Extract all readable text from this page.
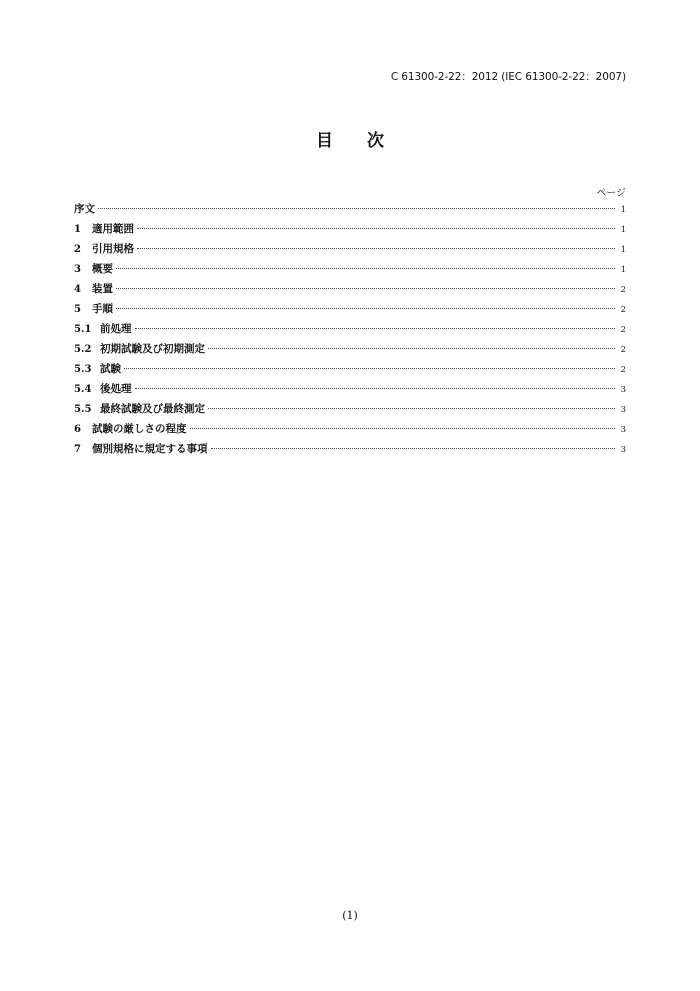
C 61300-2-22：2012 (IEC 61300-2-22：2007)
目 次
ページ
序文	1
1	適用範囲	1
2	引用規格	1
3	概要	1
4	装置	2
5	手順	2
5.1 前処理	2
5.2 初期試験及び初期測定	2
5.3 試験	2
5.4 後処理	3
5.5 最終試験及び最終測定	3
6	試験の厳しさの程度	3
7	個別規格に規定する事項	3
(1)
